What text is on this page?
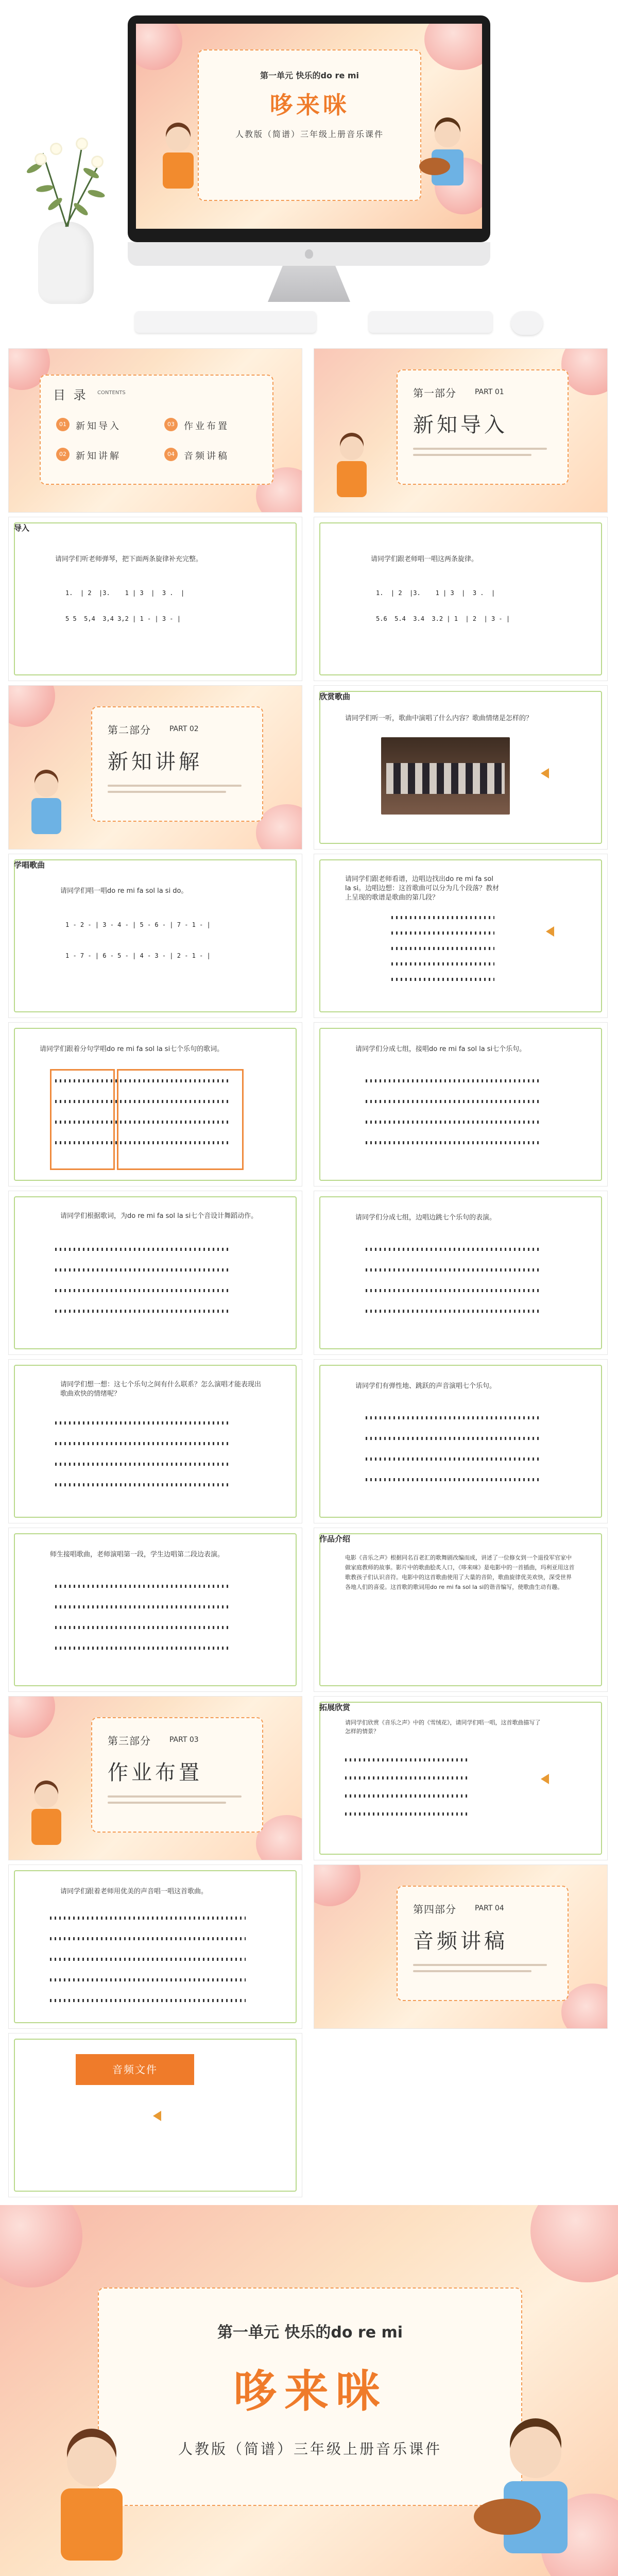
第一单元 快乐的do re mi
哆来咪
人教版（简谱）三年级上册音乐课件
目 录 CONTENTS
01	新知导入
02	新知讲解
03	作业布置
04	音频讲稿
第一部分	PART 01
新知导入
导入
请同学们听老师弹琴，把下面两条旋律补充完整。
1.  | 2  |3.    1 | 3  |  3 .  |
5 5  5,4  3,4 3,2 | 1 - | 3 - |
请同学们跟老师唱一唱这两条旋律。
1.  | 2  |3.    1 | 3  |  3 .  |
5.6  5.4  3.4  3.2 | 1  | 2  | 3 - |
第二部分	PART 02
新知讲解
欣赏歌曲
请同学们听一听，歌曲中演唱了什么内容？歌曲情绪是怎样的？
学唱歌曲
请同学们唱一唱do re mi fa sol la si do。
1 - 2 - | 3 - 4 - | 5 - 6 - | 7 - 1 - |
1 - 7 - | 6 - 5 - | 4 - 3 - | 2 - 1 - |
请同学们跟老师看谱，边唱边找出do re mi fa sol la si。边唱边想：这首歌曲可以分为几个段落？教材上呈现的歌谱是歌曲的第几段？
请同学们跟着分句学唱do re mi fa sol la si七个乐句的歌词。	请同学们分成七组，接唱do re mi fa sol la si七个乐句。
请同学们根据歌词，为do re mi fa sol la si七个音设计舞蹈动作。	请同学们分成七组，边唱边跳七个乐句的表演。
请同学们想一想：这七个乐句之间有什么联系？怎么演唱才能表现出歌曲欢快的情绪呢？
请同学们有弹性地、跳跃的声音演唱七个乐句。
师生接唱歌曲，老师演唱第一段，学生边唱第二段边表演。
作品介绍
电影《音乐之声》根据同名百老汇的歌舞剧改编而成，讲述了一位修女到一个退役军官家中做家庭教师的故事。影片中的歌曲脍炙人口，《哆来咪》是电影中的一首插曲，玛利亚用这首歌教孩子们认识音符。电影中的这首歌曲使用了大量的音阶，歌曲旋律优美欢快，深受世界各地人们的喜爱。这首歌的歌词用do re mi fa sol la si的谐音编写，使歌曲生动有趣。
第三部分	PART 03
作业布置
拓展欣赏
请同学们欣赏《音乐之声》中的《雪绒花》，请同学们唱一唱，这首歌曲描写了怎样的情景？
请同学们跟着老师用优美的声音唱一唱这首歌曲。
第四部分	PART 04
音频讲稿
音频文件
第一单元 快乐的do re mi
哆来咪
人教版（简谱）三年级上册音乐课件
